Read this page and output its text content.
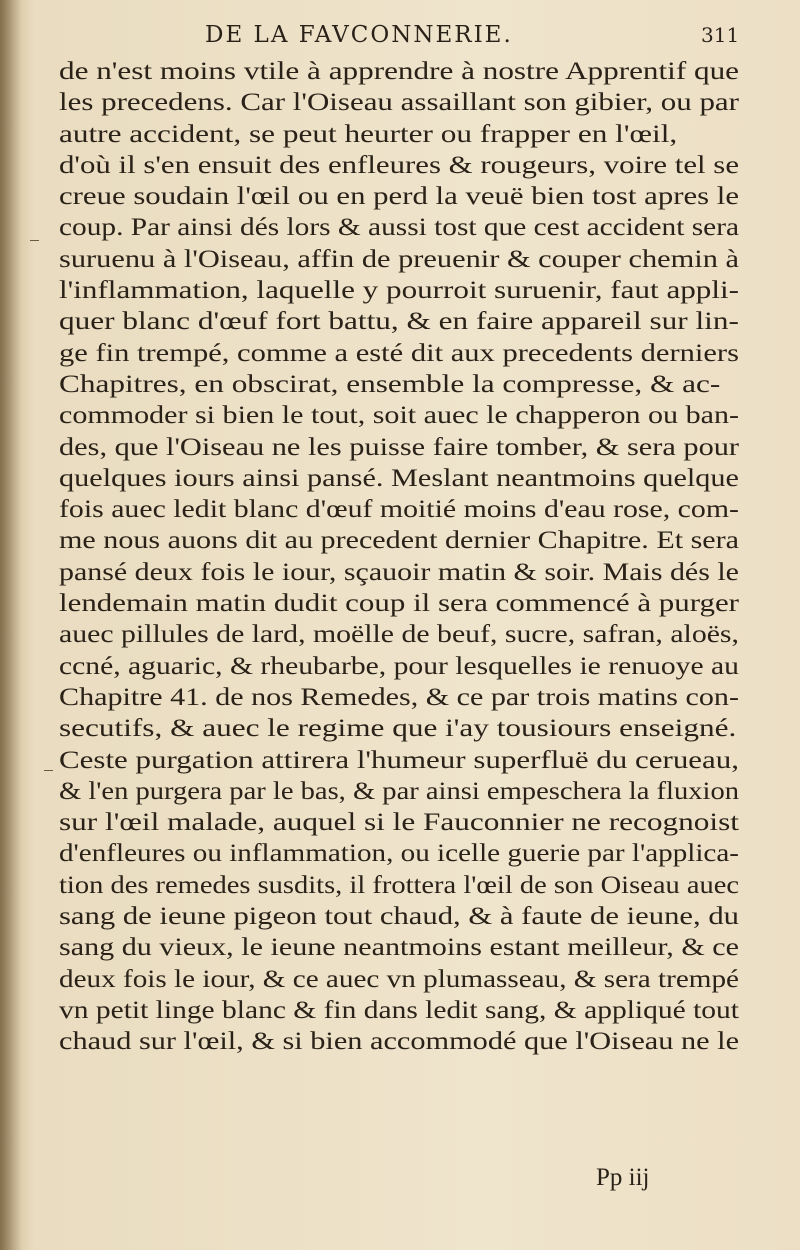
DE LA FAVCONNERIE.	311
de n'est moins vtile à apprendre à nostre Apprentif que
les precedens. Car l'Oiseau assaillant son gibier, ou par
autre accident, se peut heurter ou frapper en l'œil,
d'où il s'en ensuit des enfleures & rougeurs, voire tel se
creue soudain l'œil ou en perd la veuë bien tost apres le
coup. Par ainsi dés lors & aussi tost que cest accident sera
suruenu à l'Oiseau, affin de preuenir & couper chemin à
l'inflammation, laquelle y pourroit suruenir, faut appli-
quer blanc d'œuf fort battu, & en faire appareil sur lin-
ge fin trempé, comme a esté dit aux precedents derniers
Chapitres, en obscirat, ensemble la compresse, & ac-
commoder si bien le tout, soit auec le chapperon ou ban-
des, que l'Oiseau ne les puisse faire tomber, & sera pour
quelques iours ainsi pansé. Meslant neantmoins quelque
fois auec ledit blanc d'œuf moitié moins d'eau rose, com-
me nous auons dit au precedent dernier Chapitre. Et sera
pansé deux fois le iour, sçauoir matin & soir. Mais dés le
lendemain matin dudit coup il sera commencé à purger
auec pillules de lard, moëlle de beuf, sucre, safran, aloës,
ccné, aguaric, & rheubarbe, pour lesquelles ie renuoye au
Chapitre 41. de nos Remedes, & ce par trois matins con-
secutifs, & auec le regime que i'ay tousiours enseigné.
Ceste purgation attirera l'humeur superfluë du cerueau,
& l'en purgera par le bas, & par ainsi empeschera la fluxion
sur l'œil malade, auquel si le Fauconnier ne recognoist
d'enfleures ou inflammation, ou icelle guerie par l'applica-
tion des remedes susdits, il frottera l'œil de son Oiseau auec
sang de ieune pigeon tout chaud, & à faute de ieune, du
sang du vieux, le ieune neantmoins estant meilleur, & ce
deux fois le iour, & ce auec vn plumasseau, & sera trempé
vn petit linge blanc & fin dans ledit sang, & appliqué tout
chaud sur l'œil, & si bien accommodé que l'Oiseau ne le
Pp iij
